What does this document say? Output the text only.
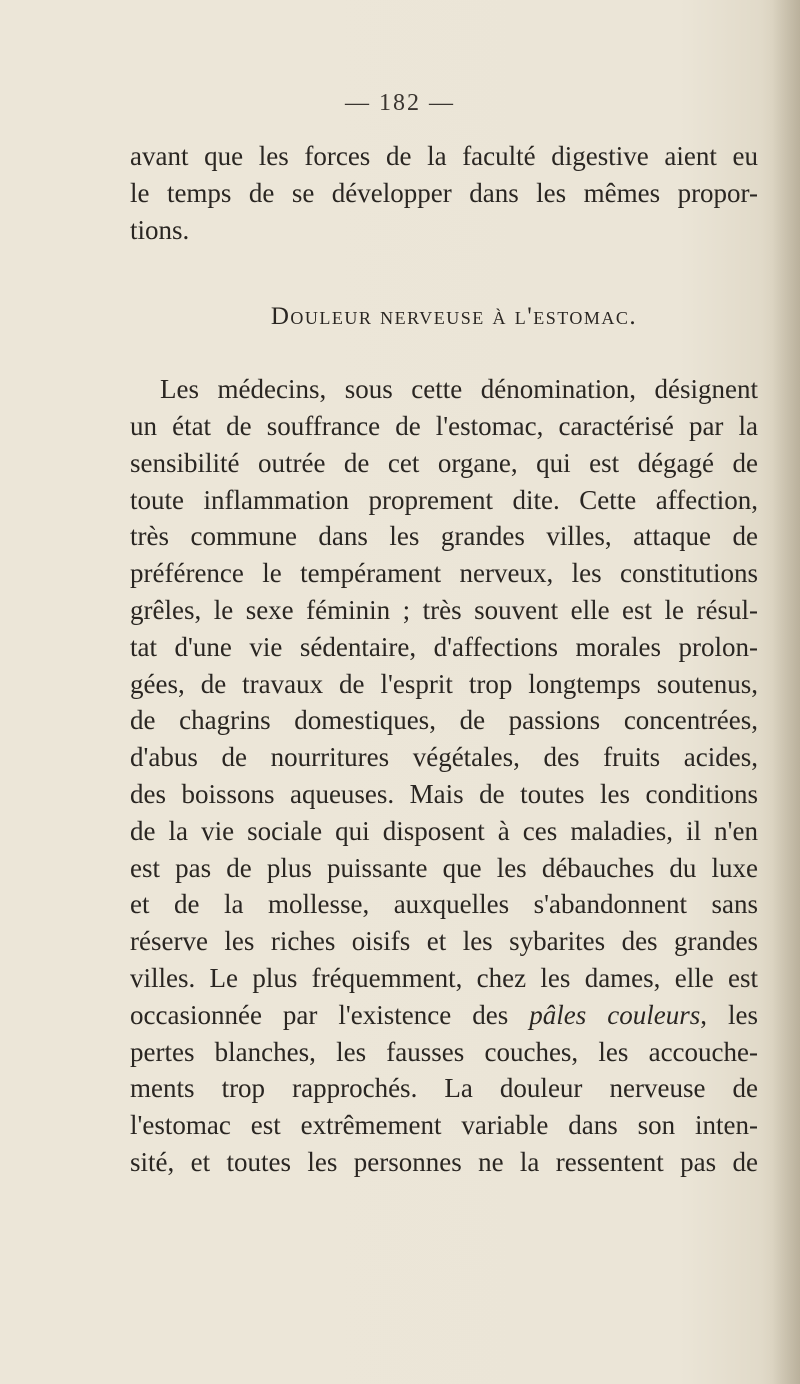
— 182 —
avant que les forces de la faculté digestive aient eu
le temps de se développer dans les mêmes propor-
tions.
Douleur nerveuse à l'estomac.
Les médecins, sous cette dénomination, désignent
un état de souffrance de l'estomac, caractérisé par la
sensibilité outrée de cet organe, qui est dégagé de
toute inflammation proprement dite. Cette affection,
très commune dans les grandes villes, attaque de
préférence le tempérament nerveux, les constitutions
grêles, le sexe féminin ; très souvent elle est le résul-
tat d'une vie sédentaire, d'affections morales prolon-
gées, de travaux de l'esprit trop longtemps soutenus,
de chagrins domestiques, de passions concentrées,
d'abus de nourritures végétales, des fruits acides,
des boissons aqueuses. Mais de toutes les conditions
de la vie sociale qui disposent à ces maladies, il n'en
est pas de plus puissante que les débauches du luxe
et de la mollesse, auxquelles s'abandonnent sans
réserve les riches oisifs et les sybarites des grandes
villes. Le plus fréquemment, chez les dames, elle est
occasionnée par l'existence des pâles couleurs, les
pertes blanches, les fausses couches, les accouche-
ments trop rapprochés. La douleur nerveuse de
l'estomac est extrêmement variable dans son inten-
sité, et toutes les personnes ne la ressentent pas de
